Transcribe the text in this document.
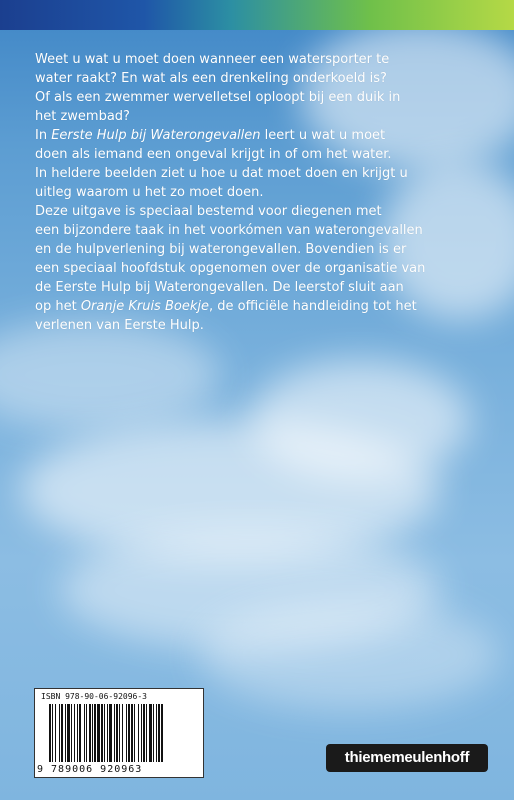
Weet u wat u moet doen wanneer een watersporter te
water raakt? En wat als een drenkeling onderkoeld is?
Of als een zwemmer wervelletsel oploopt bij een duik in
het zwembad?
In Eerste Hulp bij Waterongevallen leert u wat u moet
doen als iemand een ongeval krijgt in of om het water.
In heldere beelden ziet u hoe u dat moet doen en krijgt u
uitleg waarom u het zo moet doen.
Deze uitgave is speciaal bestemd voor diegenen met
een bijzondere taak in het voorkómen van waterongevallen
en de hulpverlening bij waterongevallen. Bovendien is er
een speciaal hoofdstuk opgenomen over de organisatie van
de Eerste Hulp bij Waterongevallen. De leerstof sluit aan
op het Oranje Kruis Boekje, de officiële handleiding tot het
verlenen van Eerste Hulp.
ISBN 978-90-06-92096-3
9 789006 920963
thiememeulenhoff
